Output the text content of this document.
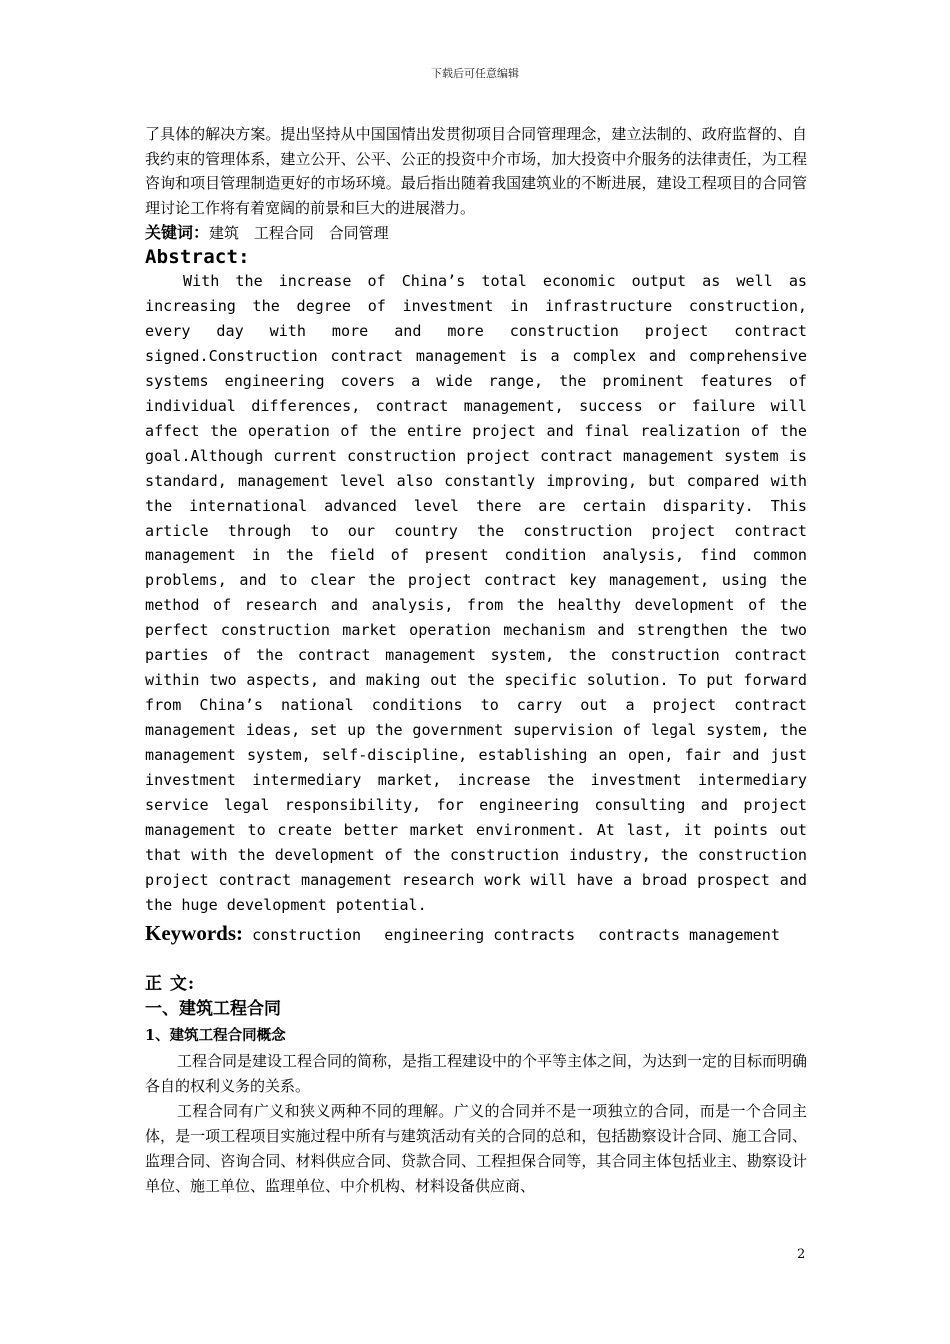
下载后可任意编辑

了具体的解决方案。提出坚持从中国国情出发贯彻项目合同管理理念，建立法制的、政府监督的、自我约束的管理体系，建立公开、公平、公正的投资中介市场，加大投资中介服务的法律责任，为工程咨询和项目管理制造更好的市场环境。最后指出随着我国建筑业的不断进展，建设工程项目的合同管理讨论工作将有着宽阔的前景和巨大的进展潜力。

关键词：建筑 工程合同 合同管理

Abstract:

With the increase of China’s total economic output as well as increasing the degree of investment in infrastructure construction, every day with more and more construction project contract signed.Construction contract management is a complex and comprehensive systems engineering covers a wide range, the prominent features of individual differences, contract management, success or failure will affect the operation of the entire project and final realization of the goal.Although current construction project contract management system is standard, management level also constantly improving, but compared with the international advanced level there are certain disparity. This article through to our country the construction project contract management in the field of present condition analysis, find common problems, and to clear the project contract key management, using the method of research and analysis, from the healthy development of the perfect construction market operation mechanism and strengthen the two parties of the contract management system, the construction contract within two aspects, and making out the specific solution. To put forward from China’s national conditions to carry out a project contract management ideas, set up the government supervision of legal system, the management system, self-discipline, establishing an open, fair and just investment intermediary market, increase the investment intermediary service legal responsibility, for engineering consulting and project management to create better market environment. At last, it points out that with the development of the construction industry, the construction project contract management research work will have a broad prospect and the huge development potential.

Keywords: construction engineering contracts contracts management

正 文:

一、建筑工程合同

1、建筑工程合同概念

工程合同是建设工程合同的简称，是指工程建设中的个平等主体之间，为达到一定的目标而明确各自的权利义务的关系。

工程合同有广义和狭义两种不同的理解。广义的合同并不是一项独立的合同，而是一个合同主体，是一项工程项目实施过程中所有与建筑活动有关的合同的总和，包括勘察设计合同、施工合同、监理合同、咨询合同、材料供应合同、贷款合同、工程担保合同等，其合同主体包括业主、勘察设计单位、施工单位、监理单位、中介机构、材料设备供应商、

2
